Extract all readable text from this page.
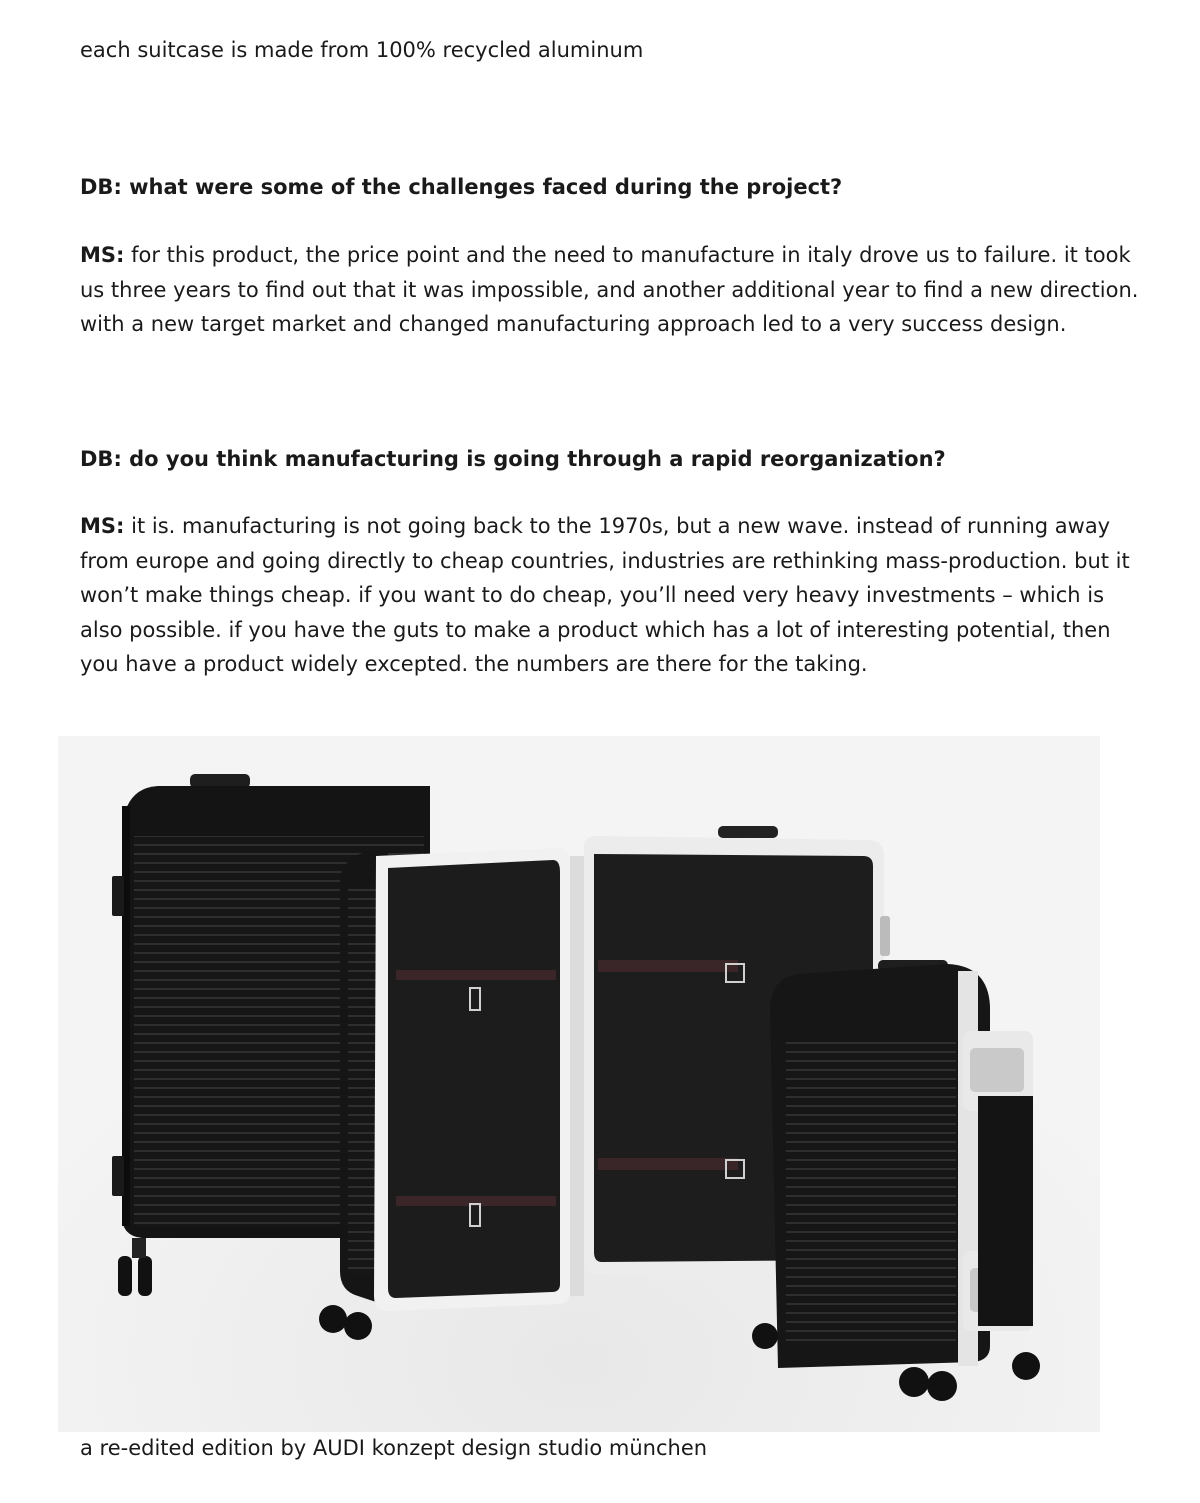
each suitcase is made from 100% recycled aluminum

DB: what were some of the challenges faced during the project?

MS: for this product, the price point and the need to manufacture in italy drove us to failure. it took us three years to find out that it was impossible, and another additional year to find a new direction. with a new target market and changed manufacturing approach led to a very success design.

DB: do you think manufacturing is going through a rapid reorganization?

MS: it is. manufacturing is not going back to the 1970s, but a new wave. instead of running away from europe and going directly to cheap countries, industries are rethinking mass-production. but it won’t make things cheap. if you want to do cheap, you’ll need very heavy investments – which is also possible. if you have the guts to make a product which has a lot of interesting potential, then you have a product widely excepted. the numbers are there for the taking.

a re-edited edition by AUDI konzept design studio münchen
